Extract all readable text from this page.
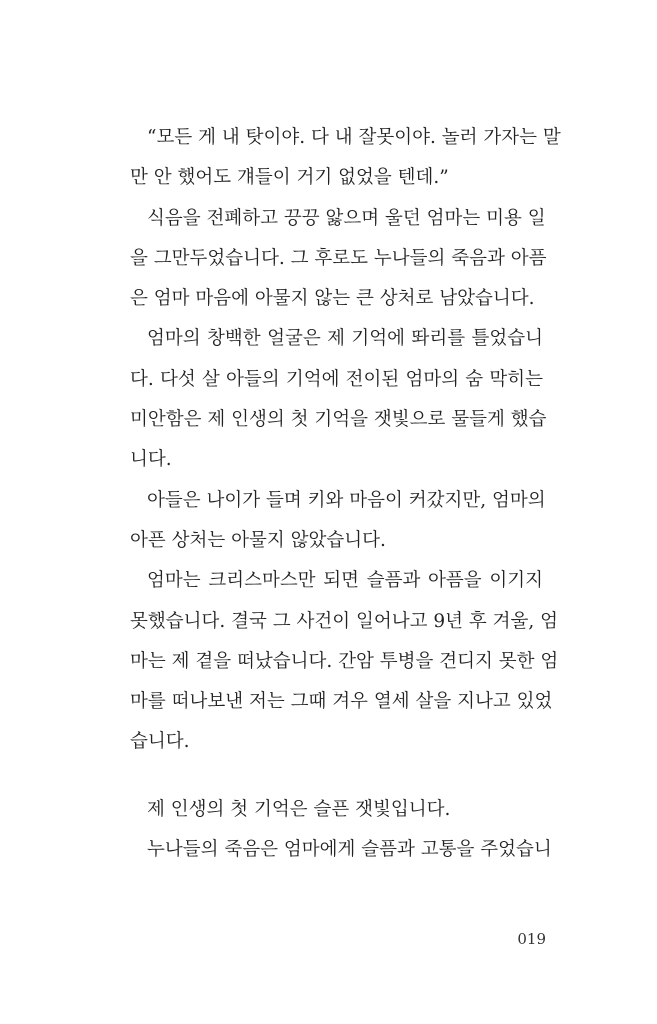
“모든 게 내 탓이야. 다 내 잘못이야. 놀러 가자는 말
만 안 했어도 걔들이 거기 없었을 텐데.”
식음을 전폐하고 끙끙 앓으며 울던 엄마는 미용 일
을 그만두었습니다. 그 후로도 누나들의 죽음과 아픔
은 엄마 마음에 아물지 않는 큰 상처로 남았습니다.
엄마의 창백한 얼굴은 제 기억에 똬리를 틀었습니
다. 다섯 살 아들의 기억에 전이된 엄마의 숨 막히는
미안함은 제 인생의 첫 기억을 잿빛으로 물들게 했습
니다.
아들은 나이가 들며 키와 마음이 커갔지만, 엄마의
아픈 상처는 아물지 않았습니다.
엄마는 크리스마스만 되면 슬픔과 아픔을 이기지
못했습니다. 결국 그 사건이 일어나고 9년 후 겨울, 엄
마는 제 곁을 떠났습니다. 간암 투병을 견디지 못한 엄
마를 떠나보낸 저는 그때 겨우 열세 살을 지나고 있었
습니다.
제 인생의 첫 기억은 슬픈 잿빛입니다.
누나들의 죽음은 엄마에게 슬픔과 고통을 주었습니
019
